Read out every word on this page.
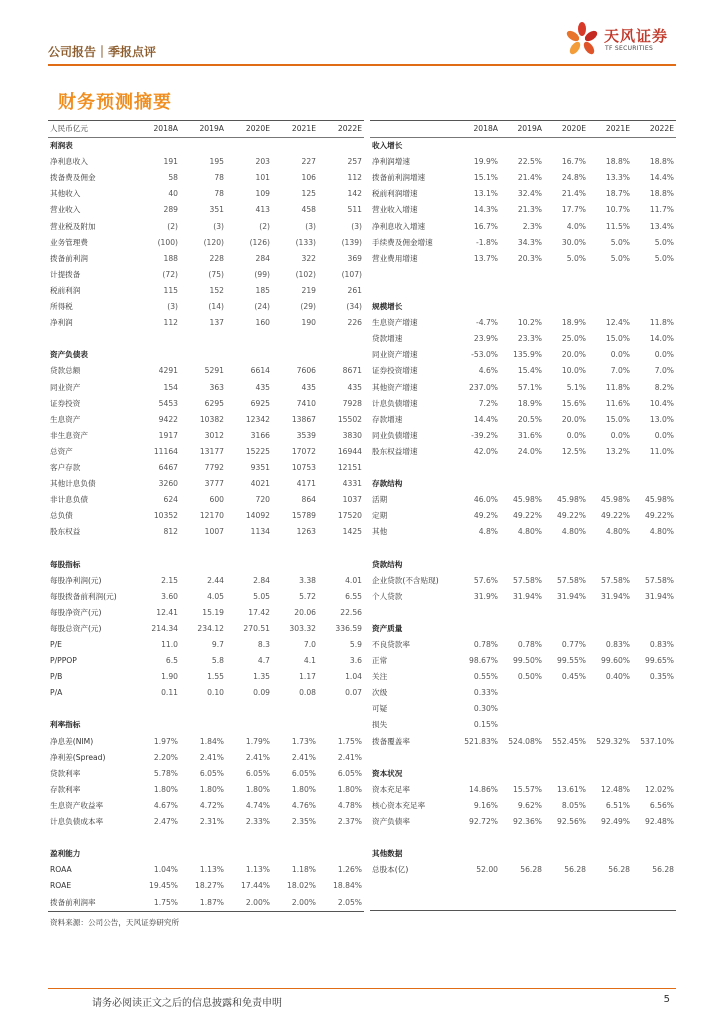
公司报告｜季报点评
天风证券
TF SECURITIES
财务预测摘要
人民币亿元	2018A	2019A	2020E	2021E	2022E
利润表					
净利息收入	191	195	203	227	257
拨备费及佣金	58	78	101	106	112
其他收入	40	78	109	125	142
营业收入	289	351	413	458	511
营业税及附加	(2)	(3)	(2)	(3)	(3)
业务管理费	(100)	(120)	(126)	(133)	(139)
拨备前利润	188	228	284	322	369
计提拨备	(72)	(75)	(99)	(102)	(107)
税前利润	115	152	185	219	261
所得税	(3)	(14)	(24)	(29)	(34)
净利润	112	137	160	190	226

资产负债表					
贷款总额	4291	5291	6614	7606	8671
同业资产	154	363	435	435	435
证券投资	5453	6295	6925	7410	7928
生息资产	9422	10382	12342	13867	15502
非生息资产	1917	3012	3166	3539	3830
总资产	11164	13177	15225	17072	16944
客户存款	6467	7792	9351	10753	12151
其他计息负债	3260	3777	4021	4171	4331
非计息负债	624	600	720	864	1037
总负债	10352	12170	14092	15789	17520
股东权益	812	1007	1134	1263	1425

每股指标					
每股净利润(元)	2.15	2.44	2.84	3.38	4.01
每股拨备前利润(元)	3.60	4.05	5.05	5.72	6.55
每股净资产(元)	12.41	15.19	17.42	20.06	22.56
每股总资产(元)	214.34	234.12	270.51	303.32	336.59
P/E	11.0	9.7	8.3	7.0	5.9
P/PPOP	6.5	5.8	4.7	4.1	3.6
P/B	1.90	1.55	1.35	1.17	1.04
P/A	0.11	0.10	0.09	0.08	0.07

利率指标					
净息差(NIM)	1.97%	1.84%	1.79%	1.73%	1.75%
净利差(Spread)	2.20%	2.41%	2.41%	2.41%	2.41%
贷款利率	5.78%	6.05%	6.05%	6.05%	6.05%
存款利率	1.80%	1.80%	1.80%	1.80%	1.80%
生息资产收益率	4.67%	4.72%	4.74%	4.76%	4.78%
计息负债成本率	2.47%	2.31%	2.33%	2.35%	2.37%

盈利能力					
ROAA	1.04%	1.13%	1.13%	1.18%	1.26%
ROAE	19.45%	18.27%	17.44%	18.02%	18.84%
拨备前利润率	1.75%	1.87%	2.00%	2.00%	2.05%
	2018A	2019A	2020E	2021E	2022E
收入增长					
净利润增速	19.9%	22.5%	16.7%	18.8%	18.8%
拨备前利润增速	15.1%	21.4%	24.8%	13.3%	14.4%
税前利润增速	13.1%	32.4%	21.4%	18.7%	18.8%
营业收入增速	14.3%	21.3%	17.7%	10.7%	11.7%
净利息收入增速	16.7%	2.3%	4.0%	11.5%	13.4%
手续费及佣金增速	-1.8%	34.3%	30.0%	5.0%	5.0%
营业费用增速	13.7%	20.3%	5.0%	5.0%	5.0%

规模增长					
生息资产增速	-4.7%	10.2%	18.9%	12.4%	11.8%
贷款增速	23.9%	23.3%	25.0%	15.0%	14.0%
同业资产增速	-53.0%	135.9%	20.0%	0.0%	0.0%
证券投资增速	4.6%	15.4%	10.0%	7.0%	7.0%
其他资产增速	237.0%	57.1%	5.1%	11.8%	8.2%
计息负债增速	7.2%	18.9%	15.6%	11.6%	10.4%
存款增速	14.4%	20.5%	20.0%	15.0%	13.0%
同业负债增速	-39.2%	31.6%	0.0%	0.0%	0.0%
股东权益增速	42.0%	24.0%	12.5%	13.2%	11.0%

存款结构					
活期	46.0%	45.98%	45.98%	45.98%	45.98%
定期	49.2%	49.22%	49.22%	49.22%	49.22%
其他	4.8%	4.80%	4.80%	4.80%	4.80%

贷款结构					
企业贷款(不含贴现)	57.6%	57.58%	57.58%	57.58%	57.58%
个人贷款	31.9%	31.94%	31.94%	31.94%	31.94%

资产质量					
不良贷款率	0.78%	0.78%	0.77%	0.83%	0.83%
正常	98.67%	99.50%	99.55%	99.60%	99.65%
关注	0.55%	0.50%	0.45%	0.40%	0.35%
次级	0.33%				
可疑	0.30%				
损失	0.15%				
拨备覆盖率	521.83%	524.08%	552.45%	529.32%	537.10%

资本状况					
资本充足率	14.86%	15.57%	13.61%	12.48%	12.02%
核心资本充足率	9.16%	9.62%	8.05%	6.51%	6.56%
资产负债率	92.72%	92.36%	92.56%	92.49%	92.48%

其他数据					
总股本(亿)	52.00	56.28	56.28	56.28	56.28

资料来源：公司公告，天风证券研究所
请务必阅读正文之后的信息披露和免责申明	5
